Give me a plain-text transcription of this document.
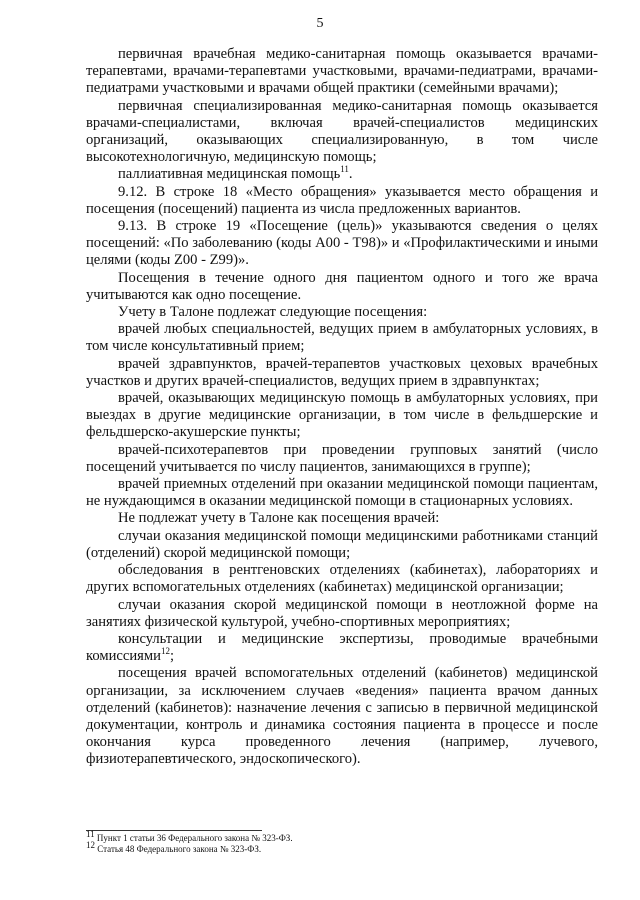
5

первичная врачебная медико-санитарная помощь оказывается врачами-терапевтами, врачами-терапевтами участковыми, врачами-педиатрами, врачами-педиатрами участковыми и врачами общей практики (семейными врачами);

первичная специализированная медико-санитарная помощь оказывается врачами-специалистами, включая врачей-специалистов медицинских организаций, оказывающих специализированную, в том числе высокотехнологичную, медицинскую помощь;

паллиативная медицинская помощь$^{11}$.

9.12. В строке 18 «Место обращения» указывается место обращения и посещения (посещений) пациента из числа предложенных вариантов.

9.13. В строке 19 «Посещение (цель)» указываются сведения о целях посещений: «По заболеванию (коды А00 - Т98)» и «Профилактическими и иными целями (коды Z00 - Z99)».

Посещения в течение одного дня пациентом одного и того же врача учитываются как одно посещение.

Учету в Талоне подлежат следующие посещения:

врачей любых специальностей, ведущих прием в амбулаторных условиях, в том числе консультативный прием;

врачей здравпунктов, врачей-терапевтов участковых цеховых врачебных участков и других врачей-специалистов, ведущих прием в здравпунктах;

врачей, оказывающих медицинскую помощь в амбулаторных условиях, при выездах в другие медицинские организации, в том числе в фельдшерские и фельдшерско-акушерские пункты;

врачей-психотерапевтов при проведении групповых занятий (число посещений учитывается по числу пациентов, занимающихся в группе);

врачей приемных отделений при оказании медицинской помощи пациентам, не нуждающимся в оказании медицинской помощи в стационарных условиях.

Не подлежат учету в Талоне как посещения врачей:

случаи оказания медицинской помощи медицинскими работниками станций (отделений) скорой медицинской помощи;

обследования в рентгеновских отделениях (кабинетах), лабораториях и других вспомогательных отделениях (кабинетах) медицинской организации;

случаи оказания скорой медицинской помощи в неотложной форме на занятиях физической культурой, учебно-спортивных мероприятиях;

консультации и медицинские экспертизы, проводимые врачебными комиссиями$^{12}$;

посещения врачей вспомогательных отделений (кабинетов) медицинской организации, за исключением случаев «ведения» пациента врачом данных отделений (кабинетов): назначение лечения с записью в первичной медицинской документации, контроль и динамика состояния пациента в процессе и после окончания курса проведенного лечения (например, лучевого, физиотерапевтического, эндоскопического).

$^{11}$ Пункт 1 статьи 36 Федерального закона № 323-ФЗ.

$^{12}$ Статья 48 Федерального закона № 323-ФЗ.
